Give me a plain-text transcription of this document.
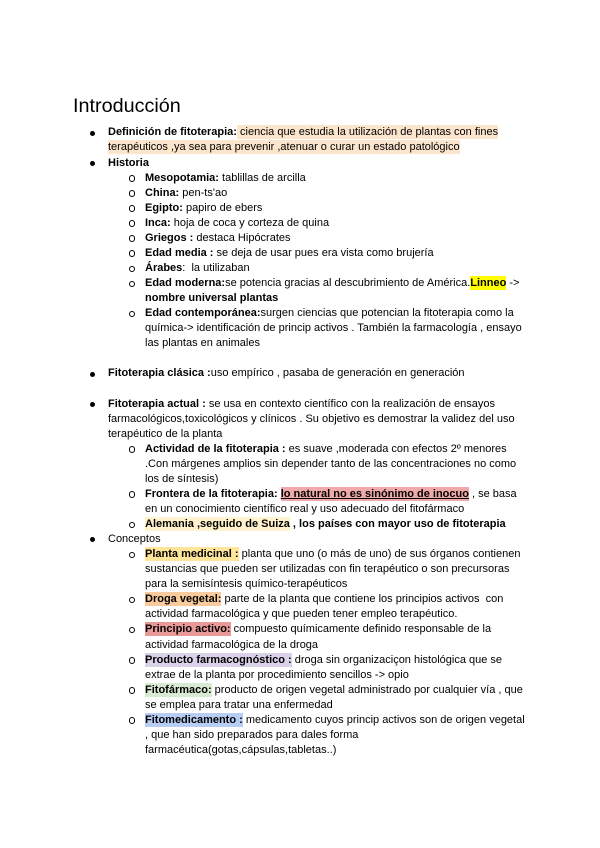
Introducción
Definición de fitoterapia: ciencia que estudia la utilización de plantas con fines
terapéuticos ,ya sea para prevenir ,atenuar o curar un estado patológico
Historia
Mesopotamia: tablillas de arcilla
China: pen-ts'ao
Egipto: papiro de ebers
Inca: hoja de coca y corteza de quina
Griegos : destaca Hipócrates
Edad media : se deja de usar pues era vista como brujería
Árabes:  la utilizaban
Edad moderna:se potencia gracias al descubrimiento de América.Linneo ->
nombre universal plantas
Edad contemporánea:surgen ciencias que potencian la fitoterapia como la
química-> identificación de princip activos . También la farmacología , ensayo
las plantas en animales
Fitoterapia clásica :uso empírico , pasaba de generación en generación
Fitoterapia actual : se usa en contexto científico con la realización de ensayos
farmacológicos,toxicológicos y clínicos . Su objetivo es demostrar la validez del uso
terapéutico de la planta
Actividad de la fitoterapia : es suave ,moderada con efectos 2º menores
.Con márgenes amplios sin depender tanto de las concentraciones no como
los de síntesis)
Frontera de la fitoterapia: lo natural no es sinónimo de inocuo , se basa
en un conocimiento científico real y uso adecuado del fitofármaco
Alemania ,seguido de Suiza , los países con mayor uso de fitoterapia
Conceptos
Planta medicinal : planta que uno (o más de uno) de sus órganos contienen
sustancias que pueden ser utilizadas con fin terapéutico o son precursoras
para la semisíntesis químico-terapéuticos
Droga vegetal: parte de la planta que contiene los principios activos  con
actividad farmacológica y que pueden tener empleo terapéutico.
Principio activo: compuesto químicamente definido responsable de la
actividad farmacológica de la droga
Producto farmacognóstico : droga sin organizaciçon histológica que se
extrae de la planta por procedimiento sencillos -> opio
Fitofármaco: producto de origen vegetal administrado por cualquier vía , que
se emplea para tratar una enfermedad
Fitomedicamento : medicamento cuyos princip activos son de origen vegetal
, que han sido preparados para dales forma
farmacéutica(gotas,cápsulas,tabletas..)
